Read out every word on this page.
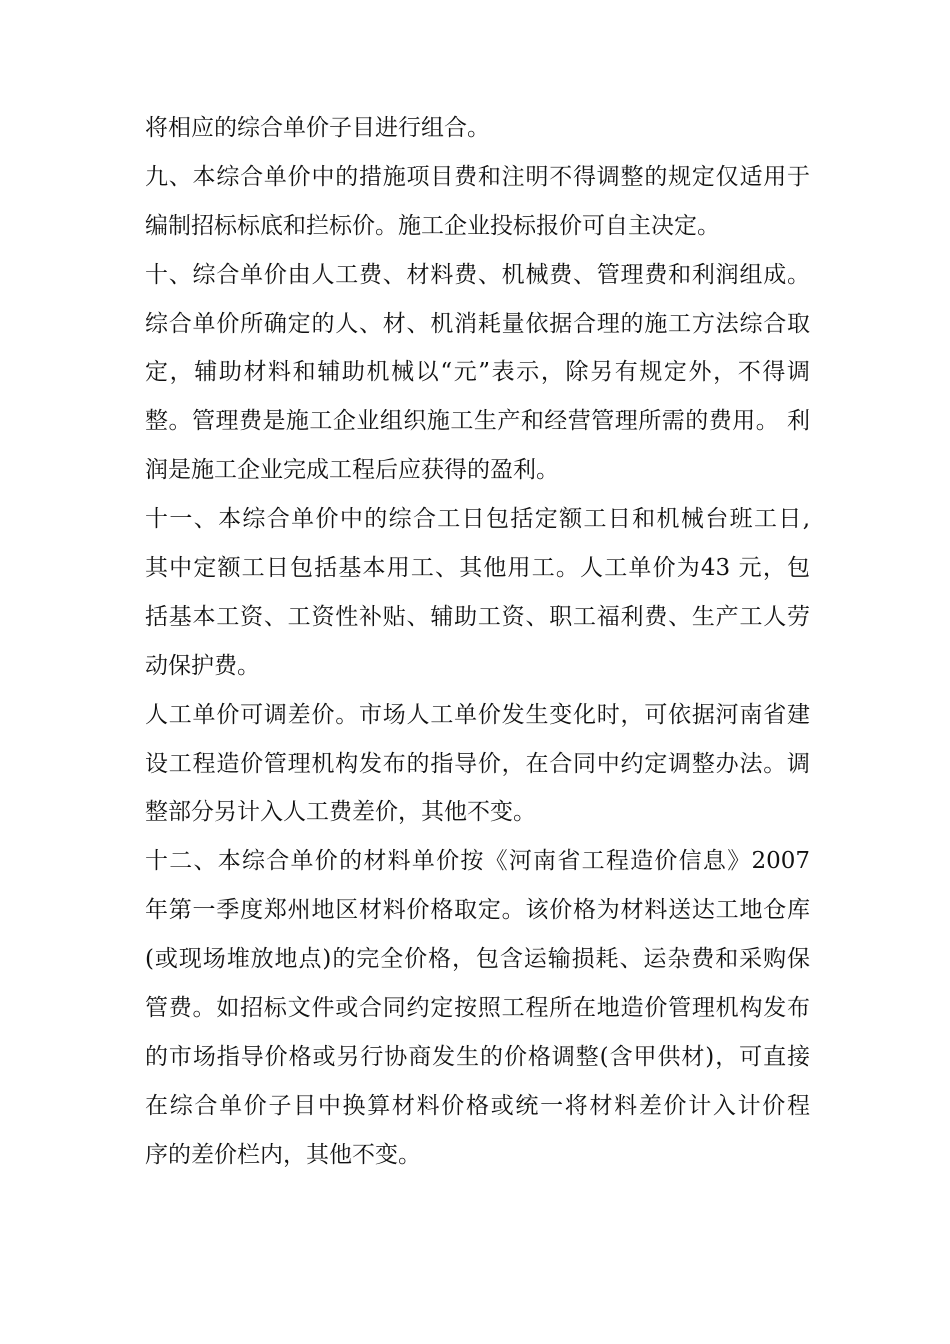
将相应的综合单价子目进行组合。
九、本综合单价中的措施项目费和注明不得调整的规定仅适用于
编制招标标底和拦标价。施工企业投标报价可自主决定。
十、综合单价由人工费、材料费、机械费、管理费和利润组成。
综合单价所确定的人、材、机消耗量依据合理的施工方法综合取
定，辅助材料和辅助机械以“元”表示，除另有规定外，不得调
整。管理费是施工企业组织施工生产和经营管理所需的费用。 利
润是施工企业完成工程后应获得的盈利。
十一、本综合单价中的综合工日包括定额工日和机械台班工日,
其中定额工日包括基本用工、其他用工。人工单价为43 元，包
括基本工资、工资性补贴、辅助工资、职工福利费、生产工人劳
动保护费。
人工单价可调差价。市场人工单价发生变化时，可依据河南省建
设工程造价管理机构发布的指导价，在合同中约定调整办法。调
整部分另计入人工费差价，其他不变。
十二、本综合单价的材料单价按《河南省工程造价信息》2007
年第一季度郑州地区材料价格取定。该价格为材料送达工地仓库
(或现场堆放地点)的完全价格，包含运输损耗、运杂费和采购保
管费。如招标文件或合同约定按照工程所在地造价管理机构发布
的市场指导价格或另行协商发生的价格调整(含甲供材)，可直接
在综合单价子目中换算材料价格或统一将材料差价计入计价程
序的差价栏内，其他不变。
